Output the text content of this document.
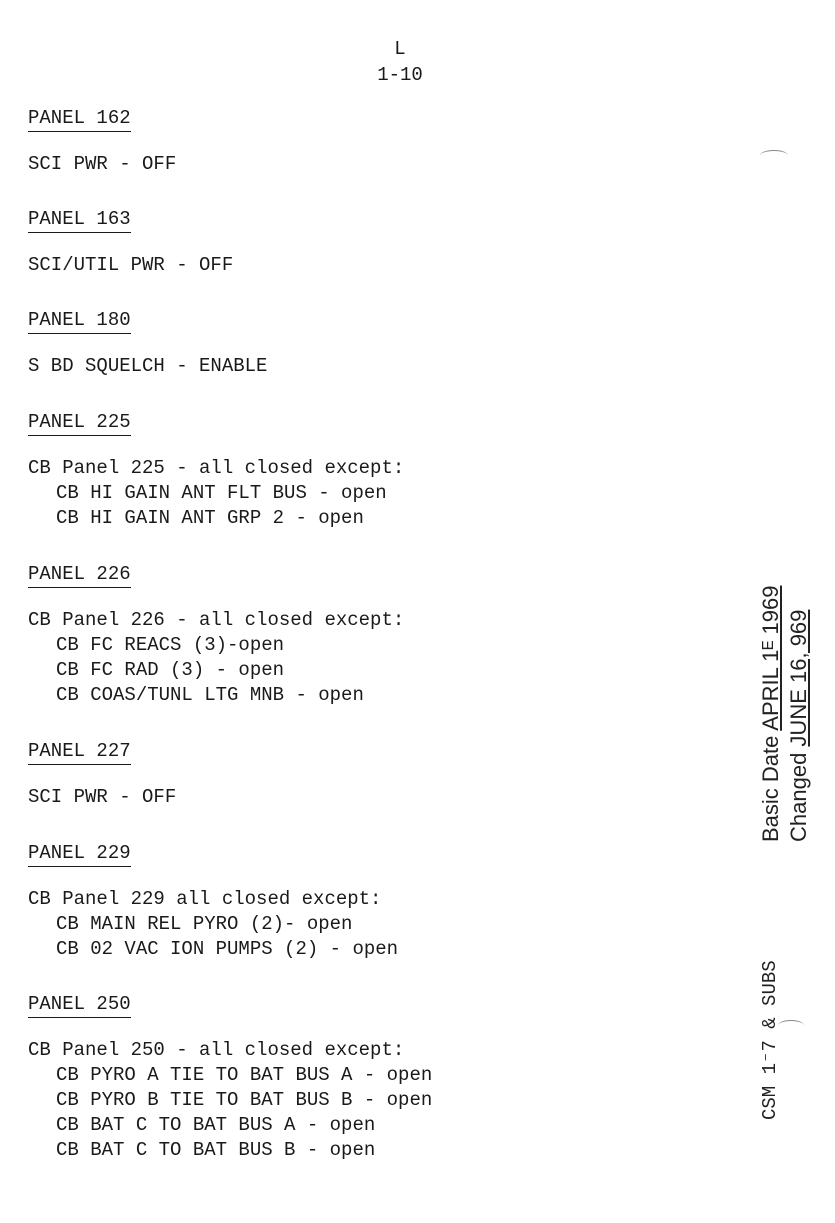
L
1-10
PANEL 162
SCI PWR - OFF
PANEL 163
SCI/UTIL PWR - OFF
PANEL 180
S BD SQUELCH - ENABLE
PANEL 225
CB Panel 225 - all closed except:
CB HI GAIN ANT FLT BUS - open
CB HI GAIN ANT GRP 2 - open
PANEL 226
CB Panel 226 - all closed except:
CB FC REACS (3)-open
CB FC RAD (3) - open
CB COAS/TUNL LTG MNB - open
PANEL 227
SCI PWR - OFF
PANEL 229
CB Panel 229 all closed except:
CB MAIN REL PYRO (2)- open
CB 02 VAC ION PUMPS (2) - open
PANEL 250
CB Panel 250 - all closed except:
CB PYRO A TIE TO BAT BUS A - open
CB PYRO B TIE TO BAT BUS B - open
CB BAT C TO BAT BUS A - open
CB BAT C TO BAT BUS B - open
Basic Date APRIL 1ᴱ 1969
Changed JUNE 16, 969
CSM 1⁻7 & SUBS
